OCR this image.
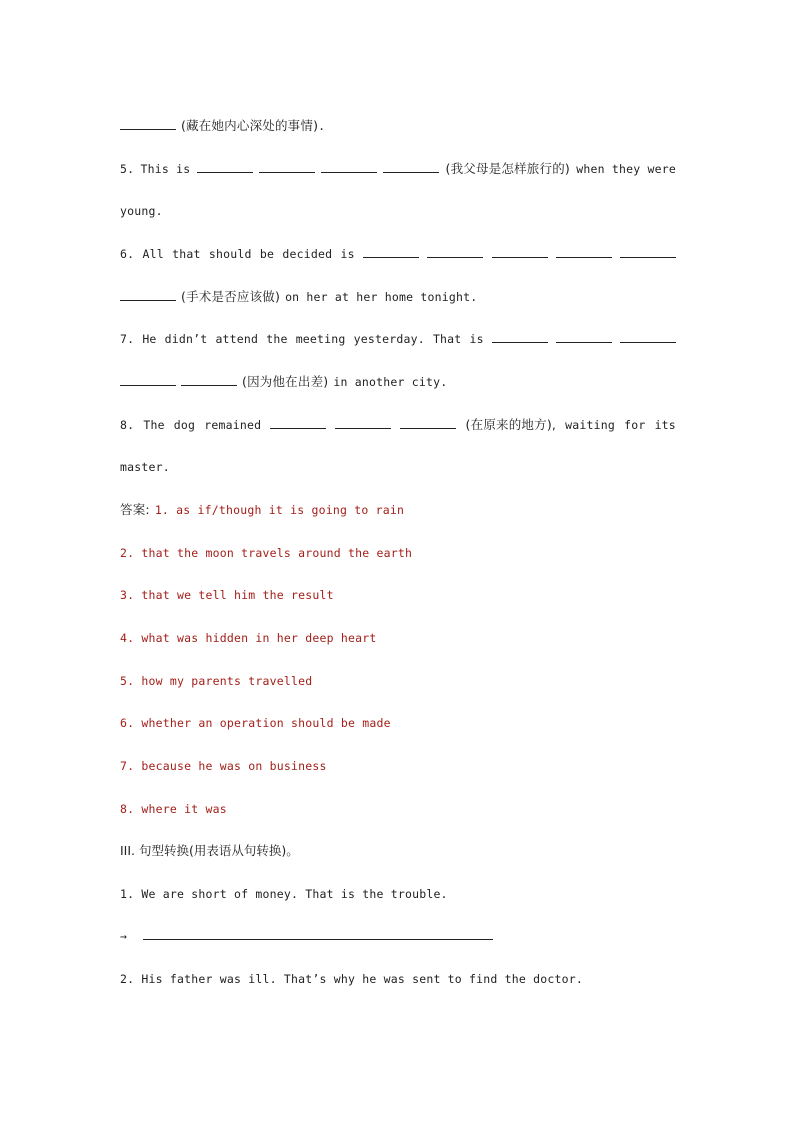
(藏在她内心深处的事情).
5. This is	(我父母是怎样旅行的) when they were
young.
6. All that should be decided is
(手术是否应该做) on her at her home tonight.
7. He didn’t attend the meeting yesterday. That is
(因为他在出差) in another city.
8. The dog remained	(在原来的地方), waiting for its
master.
答案: 1. as if/though it is going to rain
2. that the moon travels around the earth
3. that we tell him the result
4. what was hidden in her deep heart
5. how my parents travelled
6. whether an operation should be made
7. because he was on business
8. where it was
III. 句型转换(用表语从句转换)。
1. We are short of money. That is the trouble.
→
2. His father was ill. That’s why he was sent to find the doctor.
